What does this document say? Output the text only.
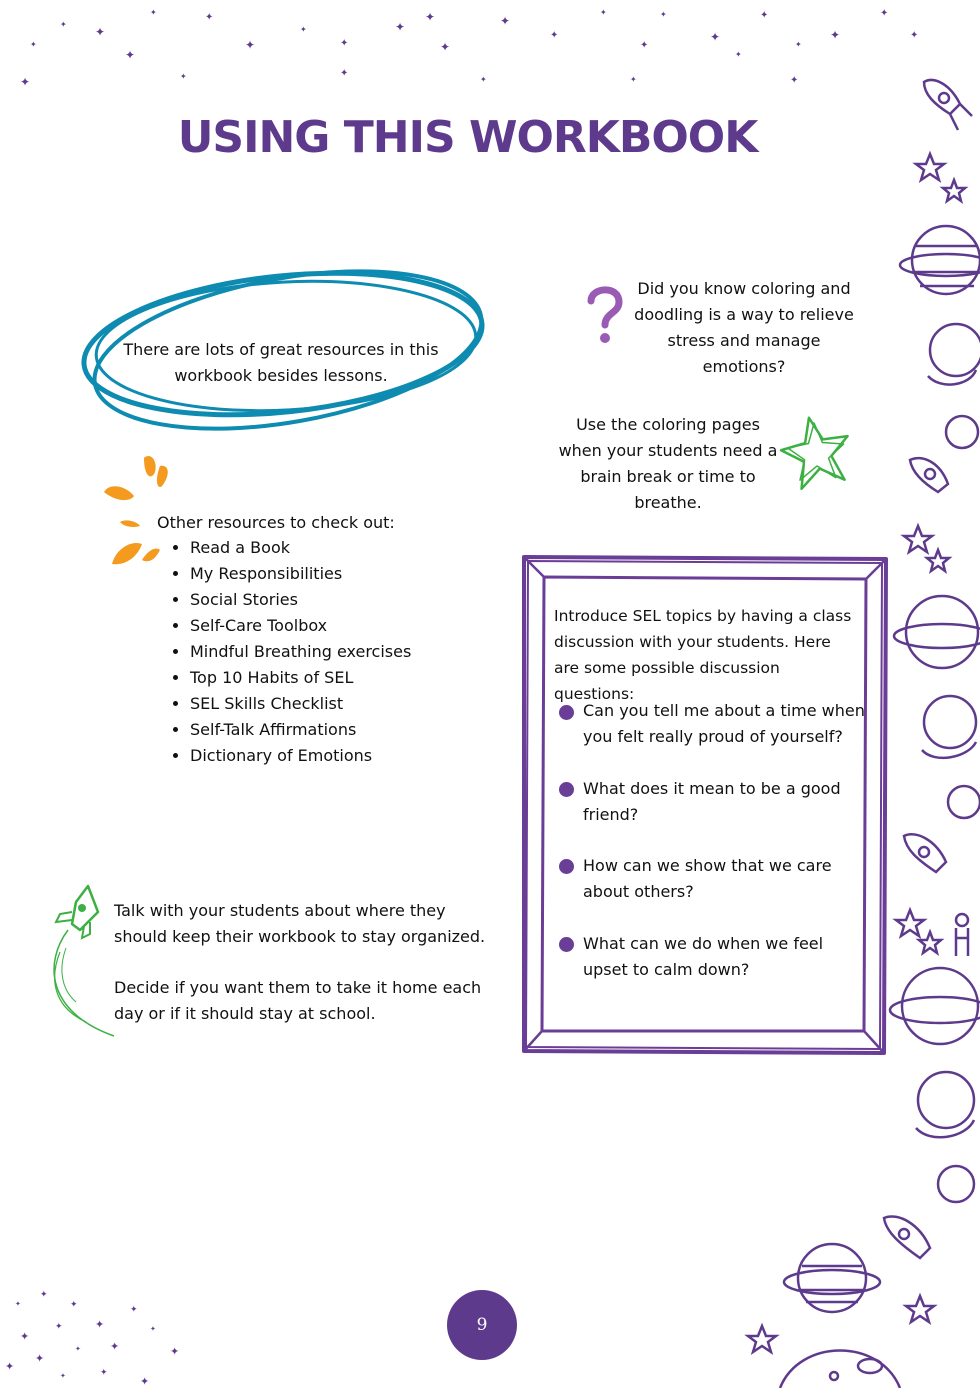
✦
✦
✦	✦
✦
✦
✦
✦
✦
✦
✦
✦
✦
✦
✦
✦
✦
✦
✦
✦
✦
✦
✦
✦	✦	✦
✦
✦
✦
✦
USING THIS WORKBOOK
There are lots of great resources in this workbook besides lessons.
Did you know coloring and doodling is a way to relieve stress and manage emotions?
Use the coloring pages when your students need a brain break or time to breathe.
Other resources to check out:
• Read a Book
• My Responsibilities
• Social Stories
• Self-Care Toolbox
• Mindful Breathing exercises
• Top 10 Habits of SEL
• SEL Skills Checklist
• Self-Talk Affirmations
• Dictionary of Emotions
Talk with your students about where they should keep their workbook to stay organized.
Decide if you want them to take it home each day or if it should stay at school.
Introduce SEL topics by having a class discussion with your students. Here are some possible discussion questions:
Can you tell me about a time when you felt really proud of yourself?
What does it mean to be a good friend?
How can we show that we care about others?
What can we do when we feel upset to calm down?
✦
✦
✦
✦
✦	✦
✦
✦
✦
✦	✦
✦
✦	✦
✦
✦
9
